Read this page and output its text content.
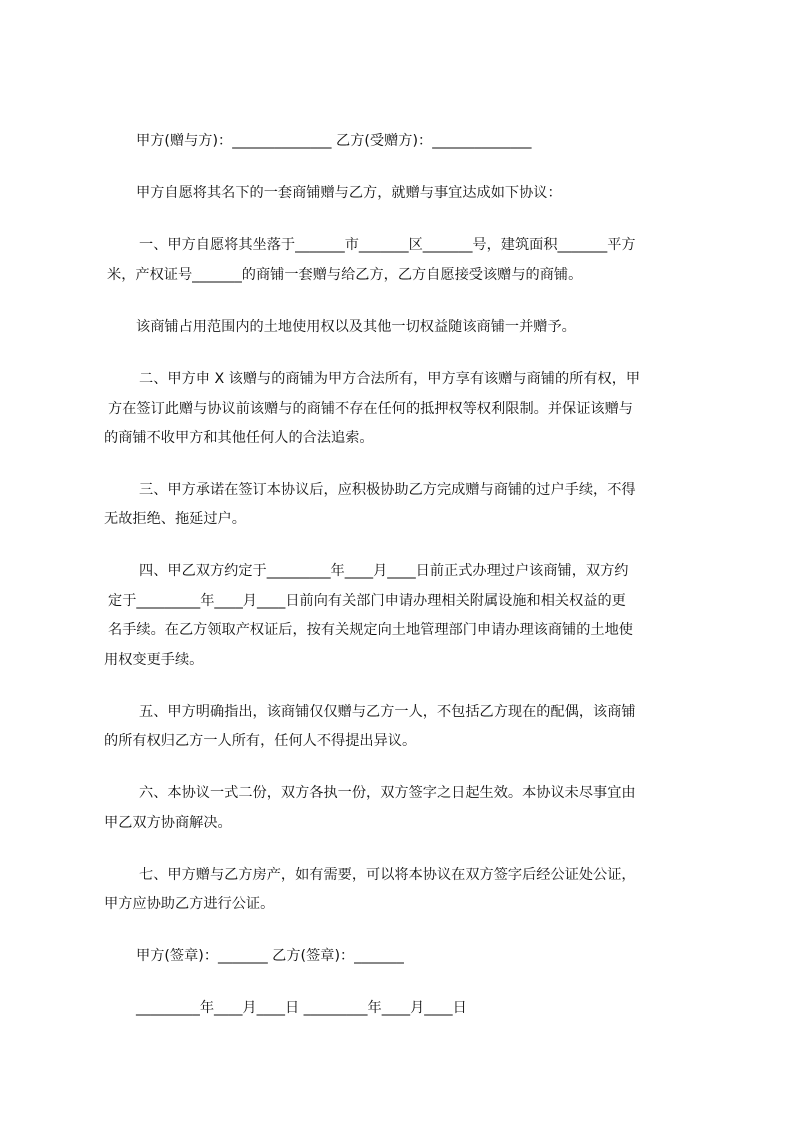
甲方(赠与方)：______________ 乙方(受赠方)：______________
甲方自愿将其名下的一套商铺赠与乙方，就赠与事宜达成如下协议：
一、甲方自愿将其坐落于_______市_______区_______号，建筑面积_______平方
米，产权证号_______的商铺一套赠与给乙方，乙方自愿接受该赠与的商铺。
该商铺占用范围内的土地使用权以及其他一切权益随该商铺一并赠予。
二、甲方申 X 该赠与的商铺为甲方合法所有，甲方享有该赠与商铺的所有权，甲
方在签订此赠与协议前该赠与的商铺不存在任何的抵押权等权利限制。并保证该赠与
的商铺不收甲方和其他任何人的合法追索。
三、甲方承诺在签订本协议后，应积极协助乙方完成赠与商铺的过户手续，不得
无故拒绝、拖延过户。
四、甲乙双方约定于_________年____月____日前正式办理过户该商铺，双方约
定于_________年____月____日前向有关部门申请办理相关附属设施和相关权益的更
名手续。在乙方领取产权证后，按有关规定向土地管理部门申请办理该商铺的土地使
用权变更手续。
五、甲方明确指出，该商铺仅仅赠与乙方一人，不包括乙方现在的配偶，该商铺
的所有权归乙方一人所有，任何人不得提出异议。
六、本协议一式二份，双方各执一份，双方签字之日起生效。本协议未尽事宜由
甲乙双方协商解决。
七、甲方赠与乙方房产，如有需要，可以将本协议在双方签字后经公证处公证，
甲方应协助乙方进行公证。
甲方(签章)：_______ 乙方(签章)：_______
_________年____月____日 _________年____月____日
